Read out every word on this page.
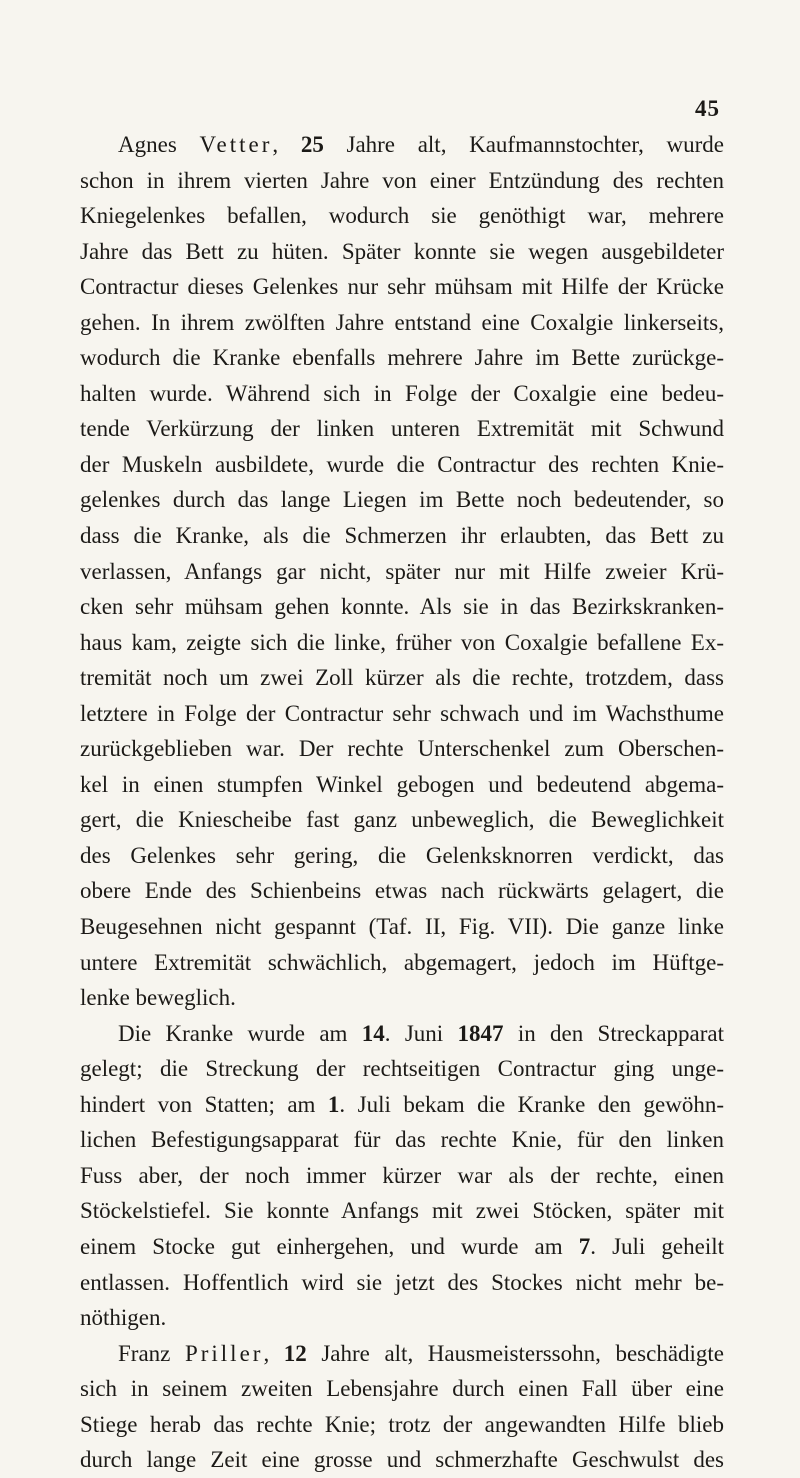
45
Agnes Vetter, 25 Jahre alt, Kaufmannstochter, wurde
schon in ihrem vierten Jahre von einer Entzündung des rechten
Kniegelenkes befallen, wodurch sie genöthigt war, mehrere
Jahre das Bett zu hüten. Später konnte sie wegen ausgebildeter
Contractur dieses Gelenkes nur sehr mühsam mit Hilfe der Krücke
gehen. In ihrem zwölften Jahre entstand eine Coxalgie linkerseits,
wodurch die Kranke ebenfalls mehrere Jahre im Bette zurückge-
halten wurde. Während sich in Folge der Coxalgie eine bedeu-
tende Verkürzung der linken unteren Extremität mit Schwund
der Muskeln ausbildete, wurde die Contractur des rechten Knie-
gelenkes durch das lange Liegen im Bette noch bedeutender, so
dass die Kranke, als die Schmerzen ihr erlaubten, das Bett zu
verlassen, Anfangs gar nicht, später nur mit Hilfe zweier Krü-
cken sehr mühsam gehen konnte. Als sie in das Bezirkskranken-
haus kam, zeigte sich die linke, früher von Coxalgie befallene Ex-
tremität noch um zwei Zoll kürzer als die rechte, trotzdem, dass
letztere in Folge der Contractur sehr schwach und im Wachsthume
zurückgeblieben war. Der rechte Unterschenkel zum Oberschen-
kel in einen stumpfen Winkel gebogen und bedeutend abgema-
gert, die Kniescheibe fast ganz unbeweglich, die Beweglichkeit
des Gelenkes sehr gering, die Gelenksknorren verdickt, das
obere Ende des Schienbeins etwas nach rückwärts gelagert, die
Beugesehnen nicht gespannt (Taf. II, Fig. VII). Die ganze linke
untere Extremität schwächlich, abgemagert, jedoch im Hüftge-
lenke beweglich.
Die Kranke wurde am 14. Juni 1847 in den Streckapparat
gelegt; die Streckung der rechtseitigen Contractur ging unge-
hindert von Statten; am 1. Juli bekam die Kranke den gewöhn-
lichen Befestigungsapparat für das rechte Knie, für den linken
Fuss aber, der noch immer kürzer war als der rechte, einen
Stöckelstiefel. Sie konnte Anfangs mit zwei Stöcken, später mit
einem Stocke gut einhergehen, und wurde am 7. Juli geheilt
entlassen. Hoffentlich wird sie jetzt des Stockes nicht mehr be-
nöthigen.
Franz Priller, 12 Jahre alt, Hausmeisterssohn, beschädigte
sich in seinem zweiten Lebensjahre durch einen Fall über eine
Stiege herab das rechte Knie; trotz der angewandten Hilfe blieb
durch lange Zeit eine grosse und schmerzhafte Geschwulst des
